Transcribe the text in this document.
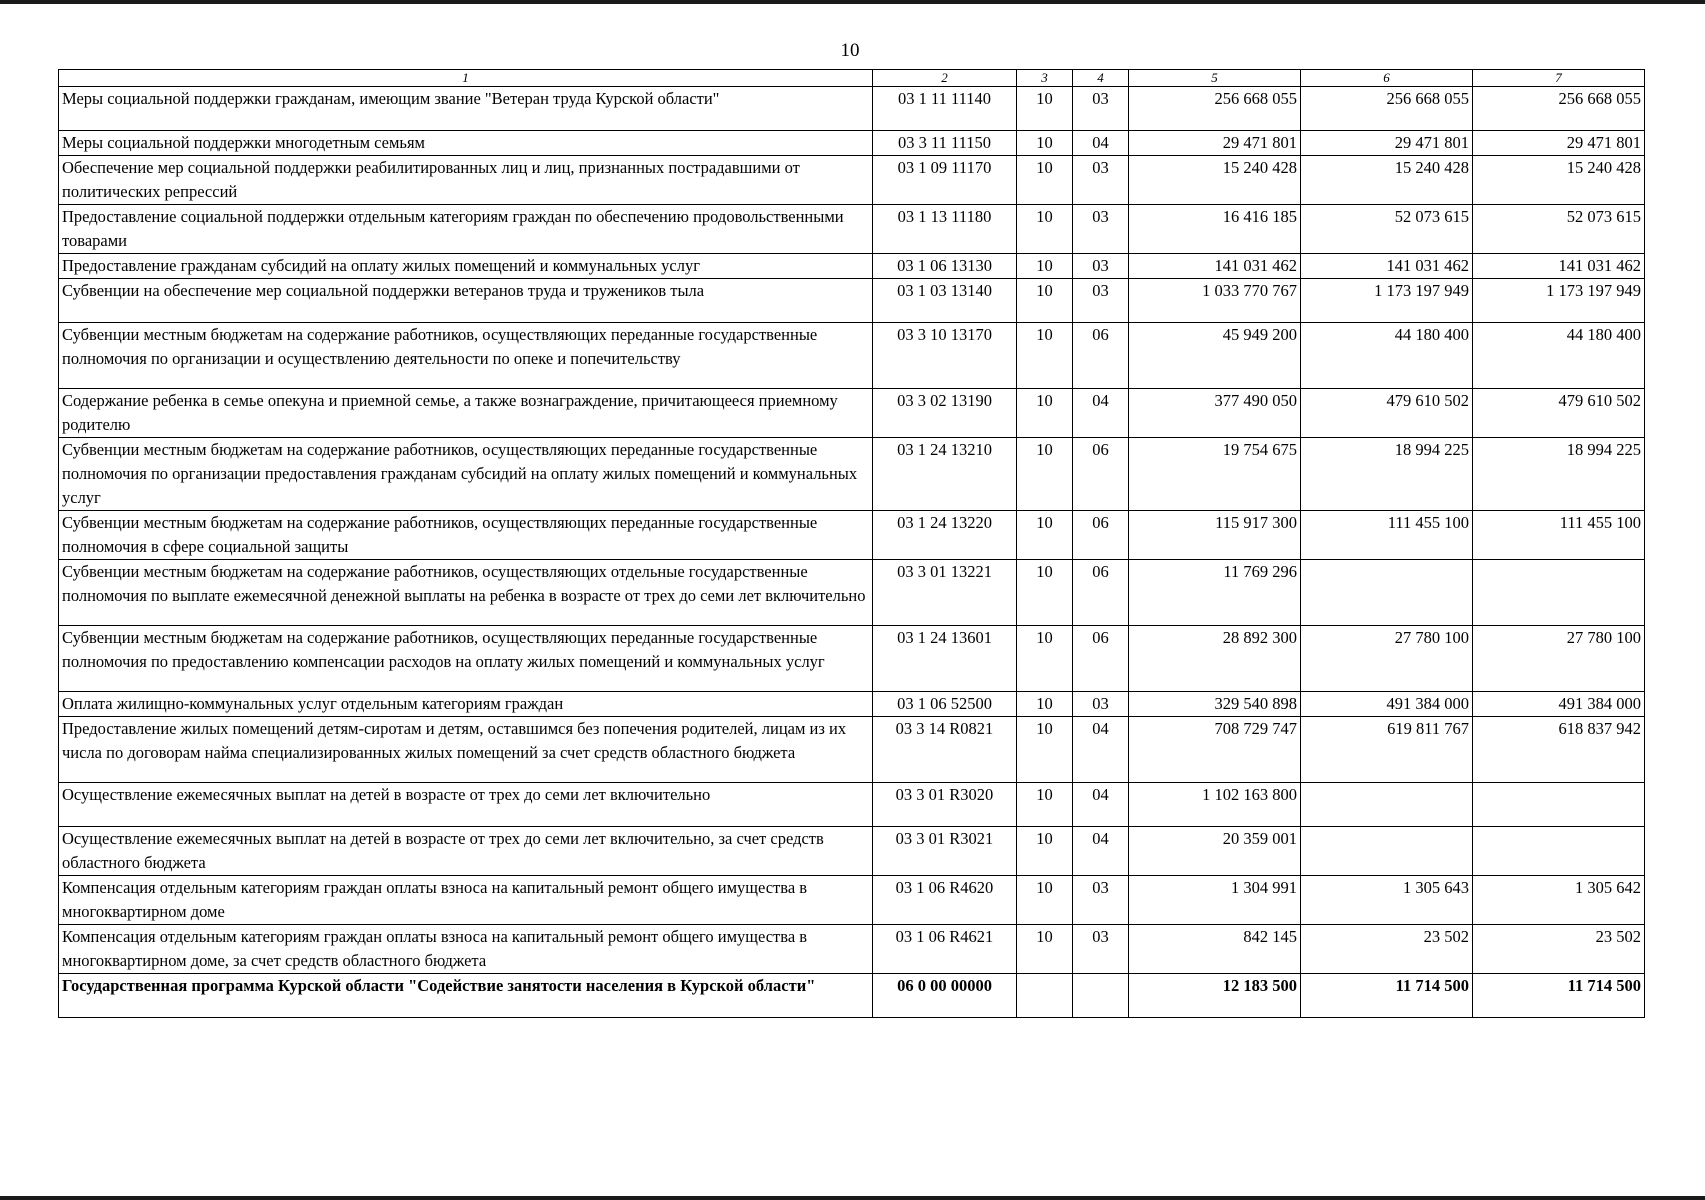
10
1	2	3	4	5	6	7
Меры социальной поддержки гражданам, имеющим звание "Ветеран труда Курской области"	03 1 11 11140	10	03	256 668 055	256 668 055	256 668 055
Меры социальной поддержки многодетным семьям	03 3 11 11150	10	04	29 471 801	29 471 801	29 471 801
Обеспечение мер социальной поддержки реабилитированных лиц и лиц, признанных пострадавшими от политических репрессий	03 1 09 11170	10	03	15 240 428	15 240 428	15 240 428
Предоставление социальной поддержки отдельным категориям граждан по обеспечению продовольственными товарами	03 1 13 11180	10	03	16 416 185	52 073 615	52 073 615
Предоставление гражданам субсидий на оплату жилых помещений и коммунальных услуг	03 1 06 13130	10	03	141 031 462	141 031 462	141 031 462
Субвенции на обеспечение мер социальной поддержки ветеранов труда и тружеников тыла	03 1 03 13140	10	03	1 033 770 767	1 173 197 949	1 173 197 949
Субвенции местным бюджетам на содержание работников, осуществляющих переданные государственные полномочия по организации и осуществлению деятельности по опеке и попечительству	03 3 10 13170	10	06	45 949 200	44 180 400	44 180 400
Содержание ребенка в семье опекуна и приемной семье, а также вознаграждение, причитающееся приемному родителю	03 3 02 13190	10	04	377 490 050	479 610 502	479 610 502
Субвенции местным бюджетам на содержание работников, осуществляющих переданные государственные полномочия по организации предоставления гражданам субсидий на оплату жилых помещений и коммунальных услуг	03 1 24 13210	10	06	19 754 675	18 994 225	18 994 225
Субвенции местным бюджетам на содержание работников, осуществляющих переданные государственные полномочия в сфере социальной защиты	03 1 24 13220	10	06	115 917 300	111 455 100	111 455 100
Субвенции местным бюджетам на содержание работников, осуществляющих отдельные государственные полномочия по выплате ежемесячной денежной выплаты на ребенка в возрасте от трех до семи лет включительно	03 3 01 13221	10	06	11 769 296		
Субвенции местным бюджетам на содержание работников, осуществляющих переданные государственные полномочия по предоставлению компенсации расходов на оплату жилых помещений и коммунальных услуг	03 1 24 13601	10	06	28 892 300	27 780 100	27 780 100
Оплата жилищно-коммунальных услуг отдельным категориям граждан	03 1 06 52500	10	03	329 540 898	491 384 000	491 384 000
Предоставление жилых помещений детям-сиротам и детям, оставшимся без попечения родителей, лицам из их числа по договорам найма специализированных жилых помещений за счет средств областного бюджета	03 3 14 R0821	10	04	708 729 747	619 811 767	618 837 942
Осуществление ежемесячных выплат на детей в возрасте от трех до семи лет включительно	03 3 01 R3020	10	04	1 102 163 800		
Осуществление ежемесячных выплат на детей в возрасте от трех до семи лет включительно, за счет средств областного бюджета	03 3 01 R3021	10	04	20 359 001		
Компенсация отдельным категориям граждан оплаты взноса на капитальный ремонт общего имущества в многоквартирном доме	03 1 06 R4620	10	03	1 304 991	1 305 643	1 305 642
Компенсация отдельным категориям граждан оплаты взноса на капитальный ремонт общего имущества в многоквартирном доме, за счет средств областного бюджета	03 1 06 R4621	10	03	842 145	23 502	23 502
Государственная программа Курской области "Содействие занятости населения в Курской области"	06 0 00 00000			12 183 500	11 714 500	11 714 500
